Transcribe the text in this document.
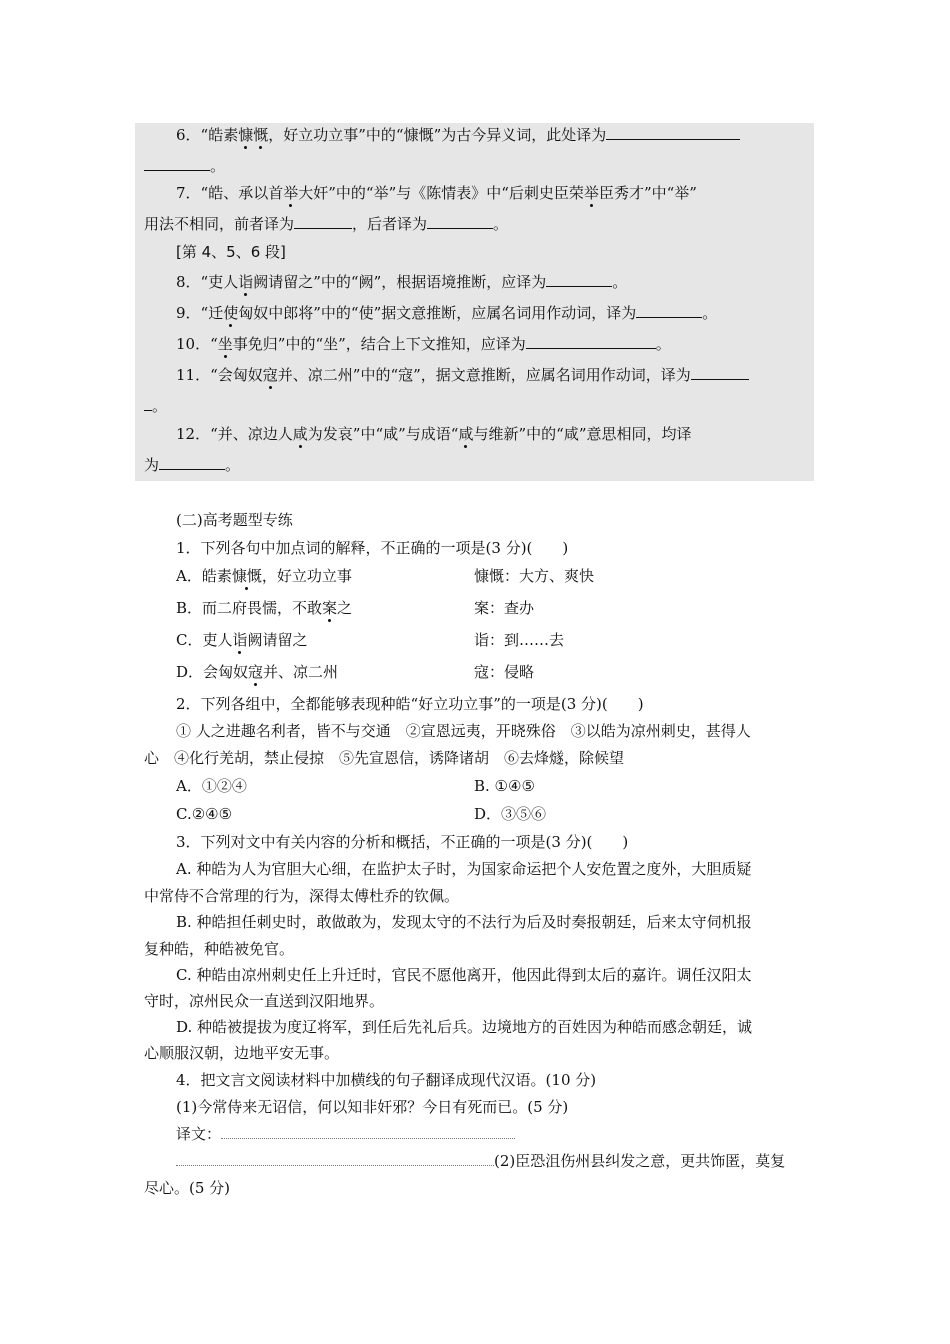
6．“皓素慷慨，好立功立事”中的“慷慨”为古今异义词，此处译为
。
7．“皓、承以首举大奸”中的“举”与《陈情表》中“后刺史臣荣举臣秀才”中“举”
用法不相同，前者译为	，后者译为	。
[第 4、5、6 段]
8．“吏人诣阙请留之”中的“阙”，根据语境推断，应译为	。
9．“迁使匈奴中郎将”中的“使”据文意推断，应属名词用作动词，译为	。
10．“坐事免归”中的“坐”，结合上下文推知，应译为	。
11．“会匈奴寇并、凉二州”中的“寇”，据文意推断，应属名词用作动词，译为
。
12．“并、凉边人咸为发哀”中“咸”与成语“咸与维新”中的“咸”意思相同，均译
为	。
(二)高考题型专练
1．下列各句中加点词的解释，不正确的一项是(3 分)(　　)
A．皓素慷慨，好立功立事	慷慨：大方、爽快
B．而二府畏懦，不敢案之	案：查办
C．吏人诣阙请留之	诣：到……去
D．会匈奴寇并、凉二州	寇：侵略
2．下列各组中，全都能够表现种皓“好立功立事”的一项是(3 分)(　　)
① 人之进趣名利者，皆不与交通　②宣恩远夷，开晓殊俗　③以皓为凉州刺史，甚得人
心　④化行羌胡，禁止侵掠　⑤先宣恩信，诱降诸胡　⑥去烽燧，除候望
A．①②④	B. ①④⑤
C.②④⑤	D．③⑤⑥
3．下列对文中有关内容的分析和概括，不正确的一项是(3 分)(　　)
A. 种皓为人为官胆大心细，在监护太子时，为国家命运把个人安危置之度外，大胆质疑
中常侍不合常理的行为，深得太傅杜乔的钦佩。
B. 种皓担任刺史时，敢做敢为，发现太守的不法行为后及时奏报朝廷，后来太守伺机报
复种皓，种皓被免官。
C. 种皓由凉州刺史任上升迁时，官民不愿他离开，他因此得到太后的嘉许。调任汉阳太
守时，凉州民众一直送到汉阳地界。
D. 种皓被提拔为度辽将军，到任后先礼后兵。边境地方的百姓因为种皓而感念朝廷，诚
心顺服汉朝，边地平安无事。
4．把文言文阅读材料中加横线的句子翻译成现代汉语。(10 分)
(1)今常侍来无诏信，何以知非奸邪？今日有死而已。(5 分)
译文：
(2)臣恐沮伤州县纠发之意，更共饰匿，莫复
尽心。(5 分)
